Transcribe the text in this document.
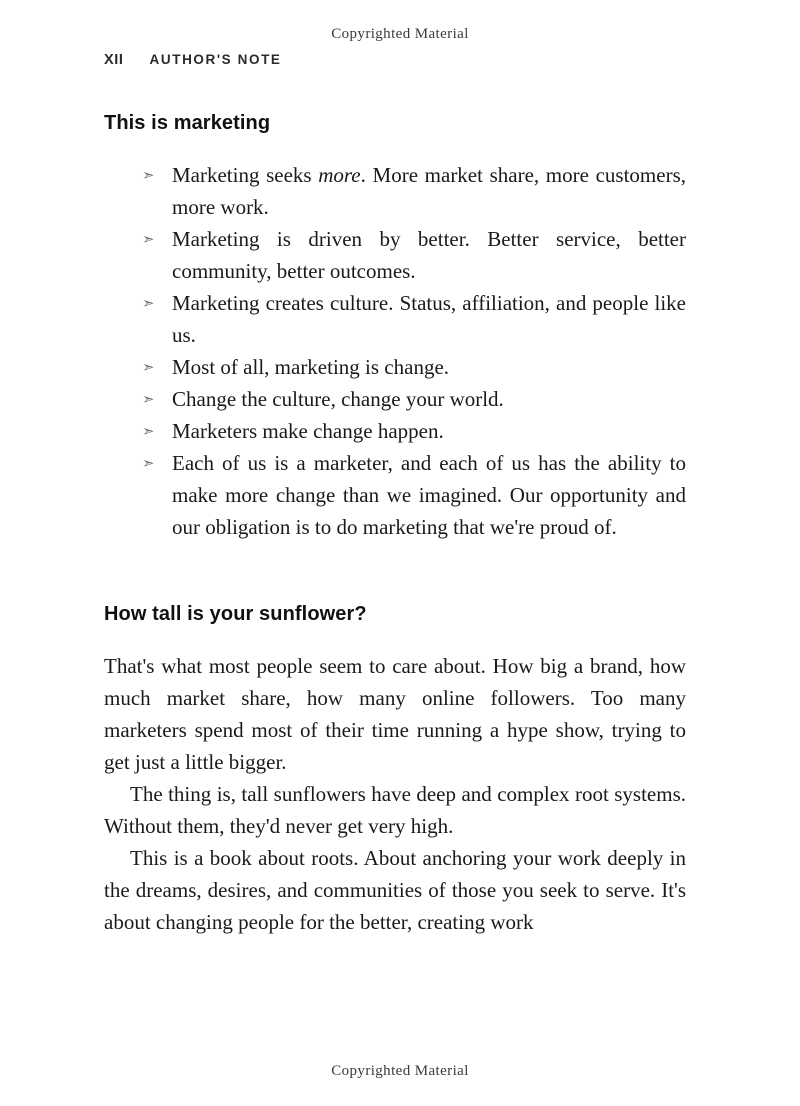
Copyrighted Material
XII AUTHOR'S NOTE
This is marketing
➣ Marketing seeks more. More market share, more customers, more work.
➣ Marketing is driven by better. Better service, better community, better outcomes.
➣ Marketing creates culture. Status, affiliation, and people like us.
➣ Most of all, marketing is change.
➣ Change the culture, change your world.
➣ Marketers make change happen.
➣ Each of us is a marketer, and each of us has the ability to make more change than we imagined. Our opportunity and our obligation is to do marketing that we're proud of.
How tall is your sunflower?

That's what most people seem to care about. How big a brand, how much market share, how many online followers. Too many marketers spend most of their time running a hype show, trying to get just a little bigger.

The thing is, tall sunflowers have deep and complex root systems. Without them, they'd never get very high.

This is a book about roots. About anchoring your work deeply in the dreams, desires, and communities of those you seek to serve. It's about changing people for the better, creating work

Copyrighted Material
